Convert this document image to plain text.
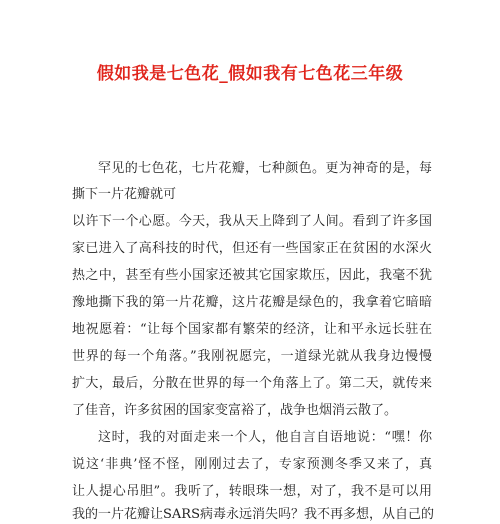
假如我是七色花_假如我有七色花三年级
罕见的七色花，七片花瓣，七种颜色。更为神奇的是，每
撕下一片花瓣就可
以许下一个心愿。今天，我从天上降到了人间。看到了许多国
家已进入了高科技的时代，但还有一些国家正在贫困的水深火
热之中，甚至有些小国家还被其它国家欺压，因此，我毫不犹
豫地撕下我的第一片花瓣，这片花瓣是绿色的，我拿着它暗暗
地祝愿着：“让每个国家都有繁荣的经济，让和平永远长驻在
世界的每一个角落。”我刚祝愿完，一道绿光就从我身边慢慢
扩大，最后，分散在世界的每一个角落上了。第二天，就传来
了佳音，许多贫困的国家变富裕了，战争也烟消云散了。
这时，我的对面走来一个人，他自言自语地说：“嘿！你
说这‘非典’怪不怪，刚刚过去了，专家预测冬季又来了，真
让人提心吊胆”。我听了，转眼珠一想，对了，我不是可以用
我的一片花瓣让SARS病毒永远消失吗？我不再多想，从自己的
